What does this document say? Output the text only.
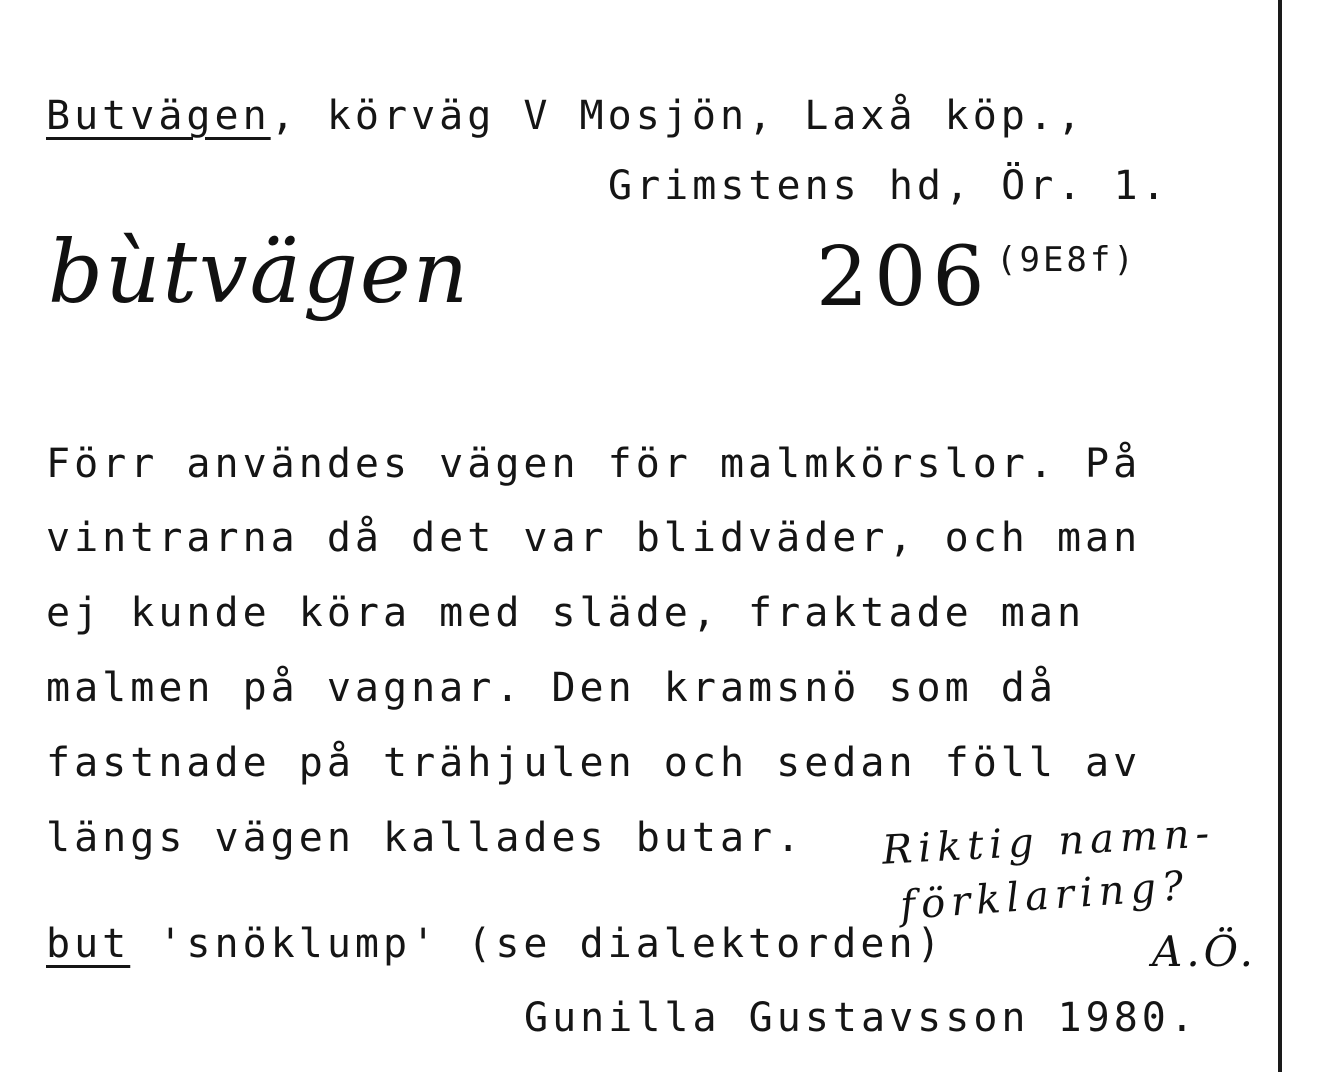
Butvägen, körväg V Mosjön, Laxå köp.,
Grimstens hd, Ör. 1.
bùtvägen	206 (9E8f)
Förr användes vägen för malmkörslor. På
vintrarna då det var blidväder, och man
ej kunde köra med släde, fraktade man
malmen på vagnar. Den kramsnö som då
fastnade på trähjulen och sedan föll av
längs vägen kallades butar. Riktig namn-
förklaring?
A.Ö.
but 'snöklump' (se dialektorden)
Gunilla Gustavsson 1980.
